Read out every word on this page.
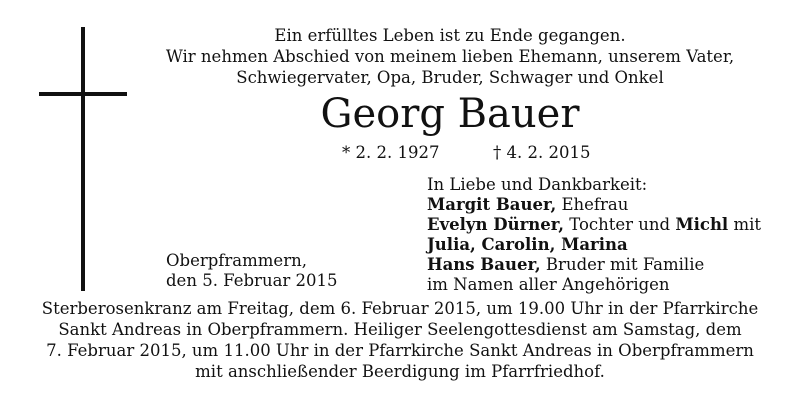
Ein erfülltes Leben ist zu Ende gegangen.
Wir nehmen Abschied von meinem lieben Ehemann, unserem Vater,
Schwiegervater, Opa, Bruder, Schwager und Onkel
Georg Bauer
* 2. 2. 1927	† 4. 2. 2015
Oberpframmern,
den 5. Februar 2015
In Liebe und Dankbarkeit:
Margit Bauer, Ehefrau
Evelyn Dürner, Tochter und Michl mit
Julia, Carolin, Marina
Hans Bauer, Bruder mit Familie
im Namen aller Angehörigen
Sterberosenkranz am Freitag, dem 6. Februar 2015, um 19.00 Uhr in der Pfarrkirche
Sankt Andreas in Oberpframmern. Heiliger Seelengottesdienst am Samstag, dem
7. Februar 2015, um 11.00 Uhr in der Pfarrkirche Sankt Andreas in Oberpframmern
mit anschließender Beerdigung im Pfarrfriedhof.
